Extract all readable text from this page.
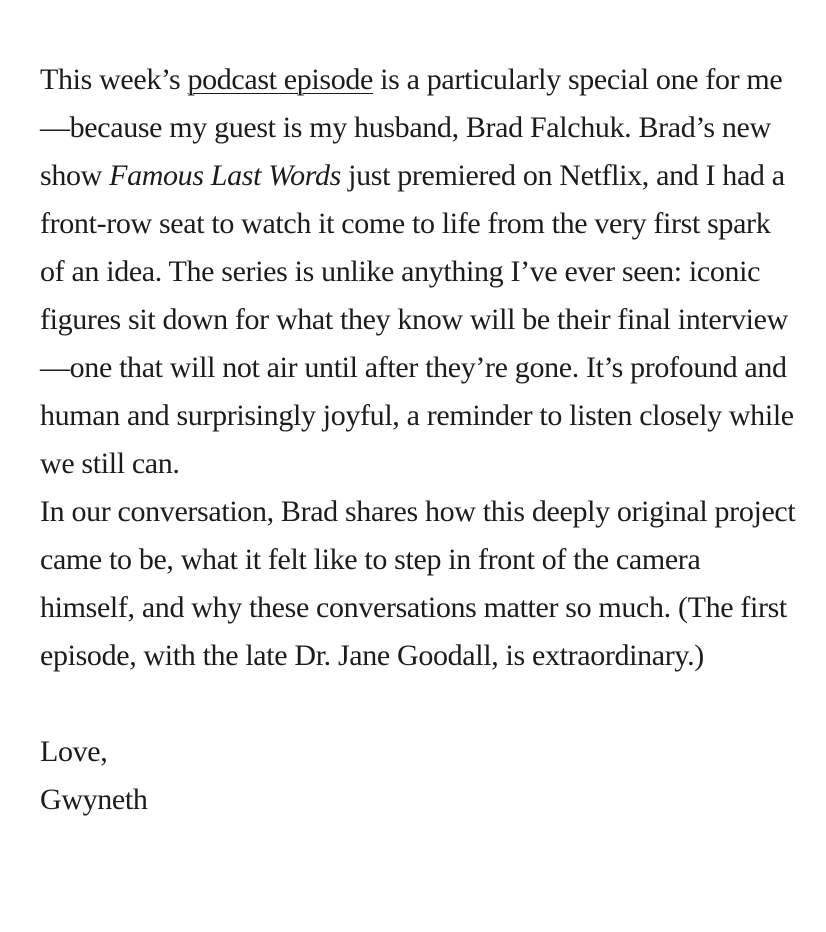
This week’s podcast episode is a particularly special one for me—because my guest is my husband, Brad Falchuk. Brad’s new show Famous Last Words just premiered on Netflix, and I had a front-row seat to watch it come to life from the very first spark of an idea. The series is unlike anything I’ve ever seen: iconic figures sit down for what they know will be their final interview—one that will not air until after they’re gone. It’s profound and human and surprisingly joyful, a reminder to listen closely while we still can.

In our conversation, Brad shares how this deeply original project came to be, what it felt like to step in front of the camera himself, and why these conversations matter so much. (The first episode, with the late Dr. Jane Goodall, is extraordinary.)

Love,
Gwyneth
